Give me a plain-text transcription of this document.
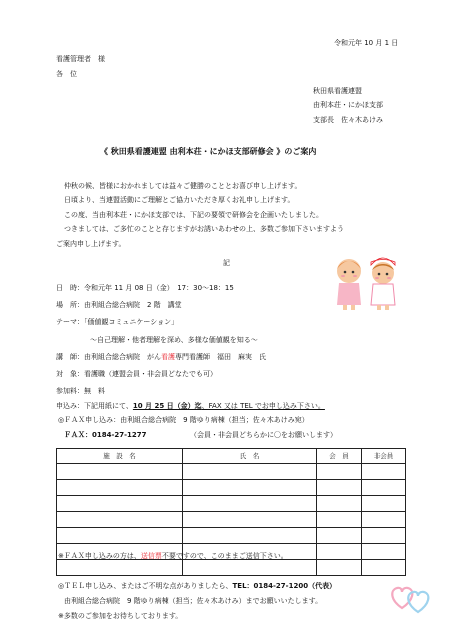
令和元年 10 月 1 日
看護管理者　様
各　位
秋田県看護連盟
由利本荘・にかほ支部
支部長　佐々木あけみ
《 秋田県看護連盟 由利本荘・にかほ支部研修会 》のご案内
仲秋の候、皆様におかれましては益々ご健勝のこととお喜び申し上げます。
日頃より、当連盟活動にご理解とご協力いただき厚くお礼申し上げます。
この度、当由利本荘・にかほ支部では、下記の要領で研修会を企画いたしました。
つきましては、ご多忙のことと存じますがお誘いあわせの上、多数ご参加下さいますよう
ご案内申し上げます。
記
日　時：令和元年 11 月 08 日（金）　17：30〜18：15
場　所：由利組合総合病院　2 階　講堂
テーマ：「価値観コミュニケーション」
〜自己理解・他者理解を深め、多様な価値観を知る〜
講　師：由利組合総合病院　がん看護専門看護師　福田　麻実　氏
対　象：看護職（連盟会員・非会員どなたでも可）
参加料：無　料
申込み：下記用紙にて、10 月 25 日（金）迄、FAX 又は TEL でお申し込み下さい。
◎ＦＡＸ申し込み：由利組合総合病院　9 階ゆり病棟（担当；佐々木あけみ宛）
ＦＡＸ：0184-27-1277	（会員・非会員どちらかに〇をお願いします）
施　設　名	氏　名	会　員	非会員

※ＦＡＸ申し込みの方は、送信票不要ですので、このままご送信下さい。
◎ＴＥＬ申し込み、またはご不明な点がありましたら、TEL：0184-27-1200（代表）
由利組合総合病院　9 階ゆり病棟（担当；佐々木あけみ）までお願いいたします。
※多数のご参加をお待ちしております。
